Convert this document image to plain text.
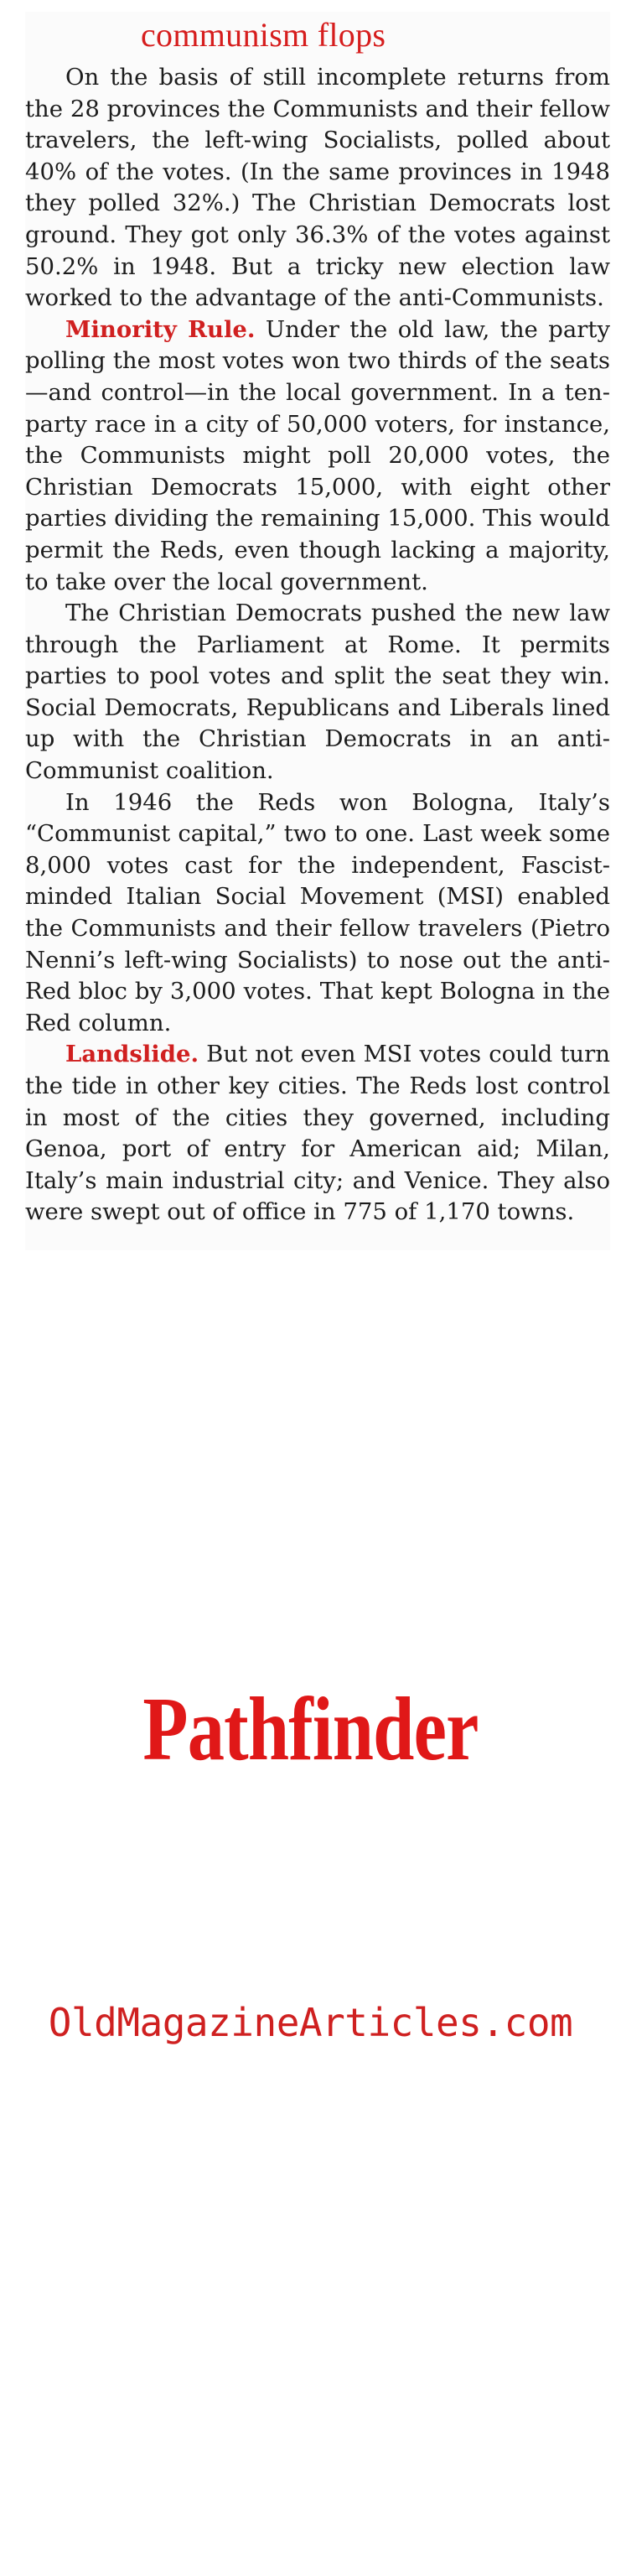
communism flops

On the basis of still incomplete returns from the 28 provinces the Communists and their fellow travelers, the left-wing Socialists, polled about 40% of the votes. (In the same provinces in 1948 they polled 32%.) The Christian Democrats lost ground. They got only 36.3% of the votes against 50.2% in 1948. But a tricky new election law worked to the advantage of the anti-Communists.

Minority Rule. Under the old law, the party polling the most votes won two thirds of the seats—and control—in the local government. In a ten-party race in a city of 50,000 voters, for instance, the Communists might poll 20,000 votes, the Christian Democrats 15,000, with eight other parties dividing the remaining 15,000. This would permit the Reds, even though lacking a majority, to take over the local government.

The Christian Democrats pushed the new law through the Parliament at Rome. It permits parties to pool votes and split the seat they win. Social Democrats, Republicans and Liberals lined up with the Christian Democrats in an anti-Communist coalition.

In 1946 the Reds won Bologna, Italy’s “Communist capital,” two to one. Last week some 8,000 votes cast for the independent, Fascist-minded Italian Social Movement (MSI) enabled the Communists and their fellow travelers (Pietro Nenni’s left-wing Socialists) to nose out the anti-Red bloc by 3,000 votes. That kept Bologna in the Red column.

Landslide. But not even MSI votes could turn the tide in other key cities. The Reds lost control in most of the cities they governed, including Genoa, port of entry for American aid; Milan, Italy’s main industrial city; and Venice. They also were swept out of office in 775 of 1,170 towns.

Pathfinder
OldMagazineArticles.com
